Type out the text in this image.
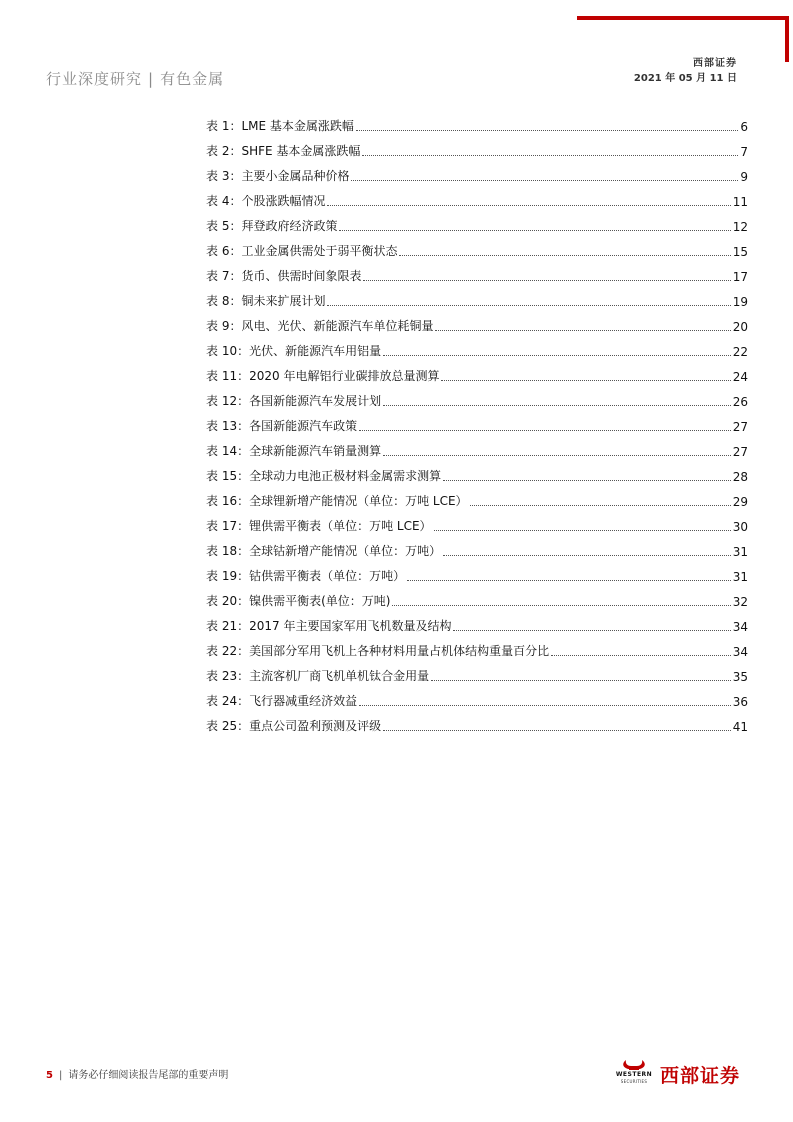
行业深度研究 | 有色金属
西部证券
2021 年 05 月 11 日
表 1：LME 基本金属涨跌幅	6
表 2：SHFE 基本金属涨跌幅	7
表 3：主要小金属品种价格	9
表 4：个股涨跌幅情况	11
表 5：拜登政府经济政策	12
表 6：工业金属供需处于弱平衡状态	15
表 7：货币、供需时间象限表	17
表 8：铜未来扩展计划	19
表 9：风电、光伏、新能源汽车单位耗铜量	20
表 10：光伏、新能源汽车用铝量	22
表 11：2020 年电解铝行业碳排放总量测算	24
表 12：各国新能源汽车发展计划	26
表 13：各国新能源汽车政策	27
表 14：全球新能源汽车销量测算	27
表 15：全球动力电池正极材料金属需求测算	28
表 16：全球锂新增产能情况（单位：万吨 LCE）	29
表 17：锂供需平衡表（单位：万吨 LCE）	30
表 18：全球钴新增产能情况（单位：万吨）	31
表 19：钴供需平衡表（单位：万吨）	31
表 20：镍供需平衡表(单位：万吨)	32
表 21：2017 年主要国家军用飞机数量及结构	34
表 22：美国部分军用飞机上各种材料用量占机体结构重量百分比	34
表 23：主流客机厂商飞机单机钛合金用量	35
表 24：飞行器减重经济效益	36
表 25：重点公司盈利预测及评级	41
5 | 请务必仔细阅读报告尾部的重要声明	WESTERN
SECURITIES 西部证券
